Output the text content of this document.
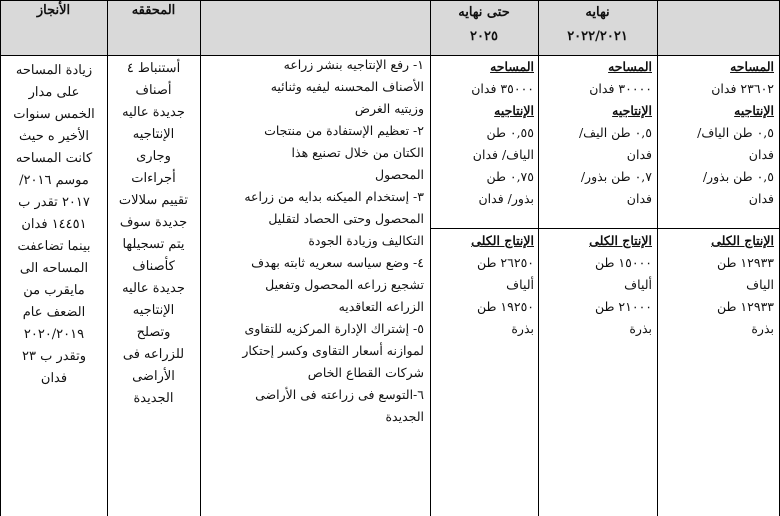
الأنجاز	المحققه	حتى نهايه
٢٠٢٥
نهايه
٢٠٢٢/٢٠٢١

زيادة المساحه

على مدار

الخمس سنوات

الأخير ه حيث

كانت المساحه

موسم ٢٠١٦/

٢٠١٧ تقدر ب

١٤٤٥١ فدان

بينما تضاعفت

المساحه الى

مايقرب من

الضعف عام

٢٠٢٠/٢٠١٩

وتقدر ب ٢٣

فدان

أستنباط ٤

أصناف

جديدة عاليه

الإنتاجيه

وجارى

أجراءات

تقييم سلالات

جديدة سوف

يتم تسجيلها

كأصناف

جديدة عاليه

الإنتاجيه

وتصلح

للزراعه فى

الأراضى

الجديدة

١- رفع الإنتاجيه بنشر زراعه

الأصناف المحسنه ليفيه وثنائيه

وزيتيه الغرض

٢- تعظيم الإستفادة من منتجات

الكتان من خلال تصنيع هذا

المحصول

٣- إستخدام الميكنه بدايه من زراعه

المحصول وحتى الحصاد لتقليل

التكاليف وزيادة الجودة

٤- وضع سياسه سعريه ثابته بهدف

تشجيع زراعه المحصول وتفعيل

الزراعه التعاقديه

٥- إشتراك الإدارة المركزيه للتقاوى

لموازنه أسعار التقاوى وكسر إحتكار

شركات القطاع الخاص

٦-التوسع فى زراعته فى الأراضى

الجديدة

المساحه

٣٥٠٠٠ فدان

الإنتاجيه

٠,٥٥ طن

الياف/ فدان

٠,٧٥ طن

بذور/ فدان

الإنتاج الكلى

٢٦٢٥٠ طن

ألياف

١٩٢٥٠ طن

بذرة

المساحه

٣٠٠٠٠ فدان

الإنتاجيه

٠,٥ طن اليف/

فدان

٠,٧ طن بذور/

فدان

الإنتاج الكلى

١٥٠٠٠ طن

ألياف

٢١٠٠٠ طن

بذرة

المساحه

٢٣٦٠٢ فدان

الإنتاجيه

٠,٥ طن الياف/

فدان

٠,٥ طن بذور/

فدان

الإنتاج الكلى

١٢٩٣٣ طن

الياف

١٢٩٣٣ طن

بذرة
